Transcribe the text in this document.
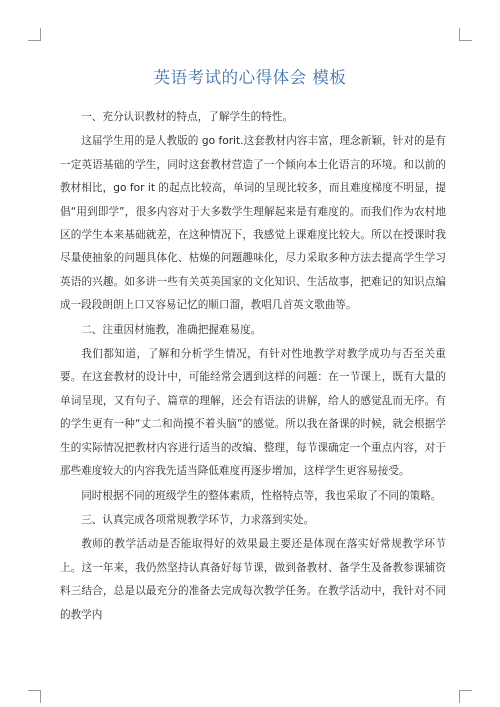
英语考试的心得体会 模板

一、充分认识教材的特点，了解学生的特性。

这届学生用的是人教版的 go forit.这套教材内容丰富，理念新颖，针对的是有一定英语基础的学生，同时这套教材营造了一个倾向本土化语言的环境。和以前的教材相比，go for it 的起点比较高，单词的呈现比较多，而且难度梯度不明显，提倡“用到即学”，很多内容对于大多数学生理解起来是有难度的。而我们作为农村地区的学生本来基础就差，在这种情况下，我感觉上课难度比较大。所以在授课时我尽量使抽象的问题具体化、枯燥的问题趣味化，尽力采取多种方法去提高学生学习英语的兴趣。如多讲一些有关英美国家的文化知识、生活故事，把难记的知识点编成一段段朗朗上口又容易记忆的顺口溜，教唱几首英文歌曲等。

二、注重因材施教，准确把握难易度。

我们都知道，了解和分析学生情况，有针对性地教学对教学成功与否至关重要。在这套教材的设计中，可能经常会遇到这样的问题：在一节课上，既有大量的单词呈现，又有句子、篇章的理解，还会有语法的讲解，给人的感觉乱而无序。有的学生更有一种“丈二和尚摸不着头脑”的感觉。所以我在备课的时候，就会根据学生的实际情况把教材内容进行适当的改编、整理，每节课确定一个重点内容，对于那些难度较大的内容我先适当降低难度再逐步增加，这样学生更容易接受。

同时根据不同的班级学生的整体素质，性格特点等，我也采取了不同的策略。

三、认真完成各项常规教学环节，力求落到实处。

教师的教学活动是否能取得好的效果最主要还是体现在落实好常规教学环节上。这一年来，我仍然坚持认真备好每节课，做到备教材、备学生及备教参课辅资料三结合，总是以最充分的准备去完成每次教学任务。在教学活动中，我针对不同的教学内
